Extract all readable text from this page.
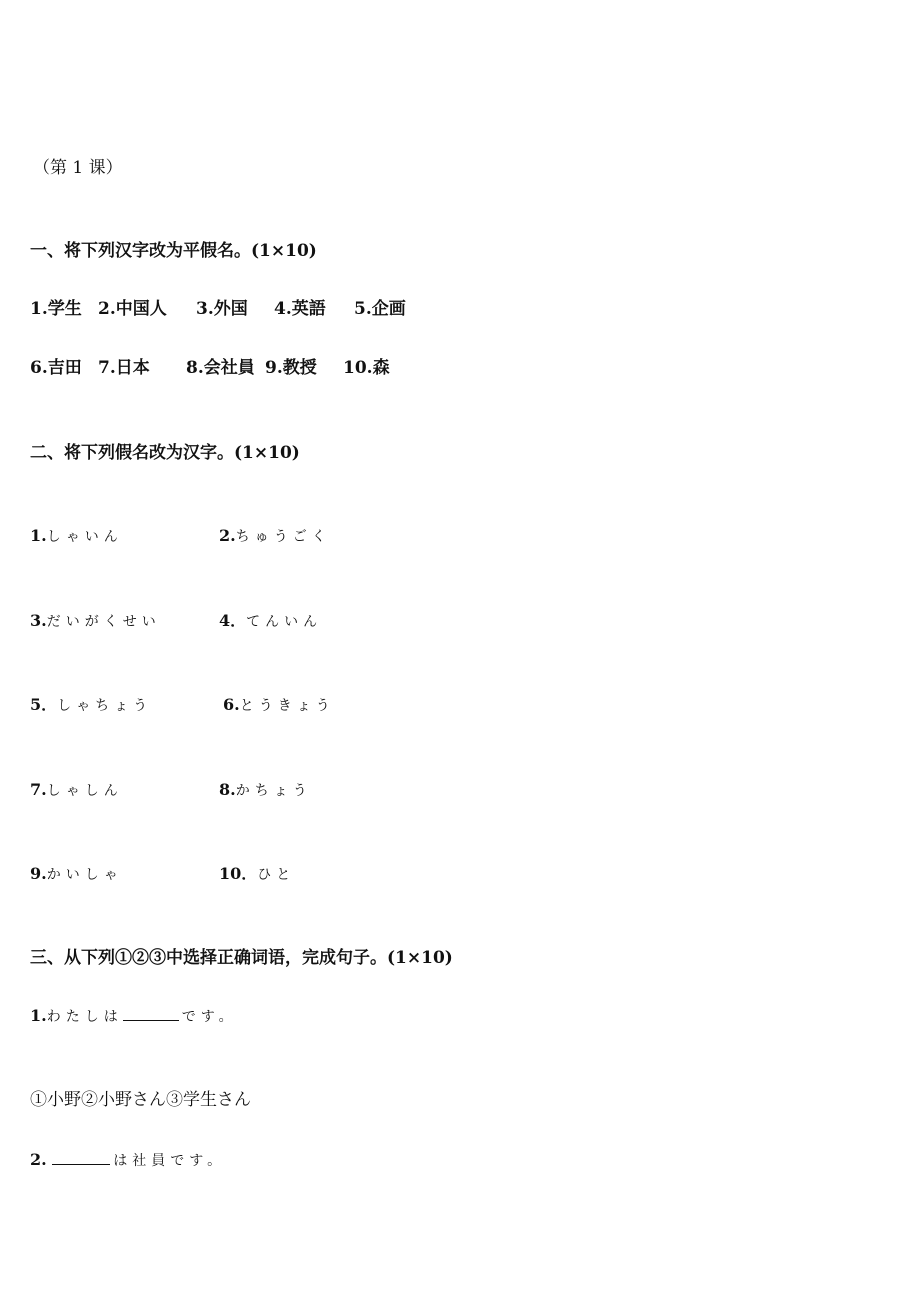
（第 1 课）
一、将下列汉字改为平假名。(1×10)
1.学生 2.中国人 3.外国 4.英語 5.企画
6.吉田 7.日本 8.会社員 9.教授 10.森
二、将下列假名改为汉字。(1×10)
1.しゃいん	2.ちゅうごく
3.だいがくせい	4．てんいん
5．しゃちょう	6.とうきょう
7.しゃしん	8.かちょう
9.かいしゃ	10．ひと
三、从下列①②③中选择正确词语，完成句子。(1×10)
1.わたしは	です。
①小野②小野さん③学生さん
2.	は社員です。
